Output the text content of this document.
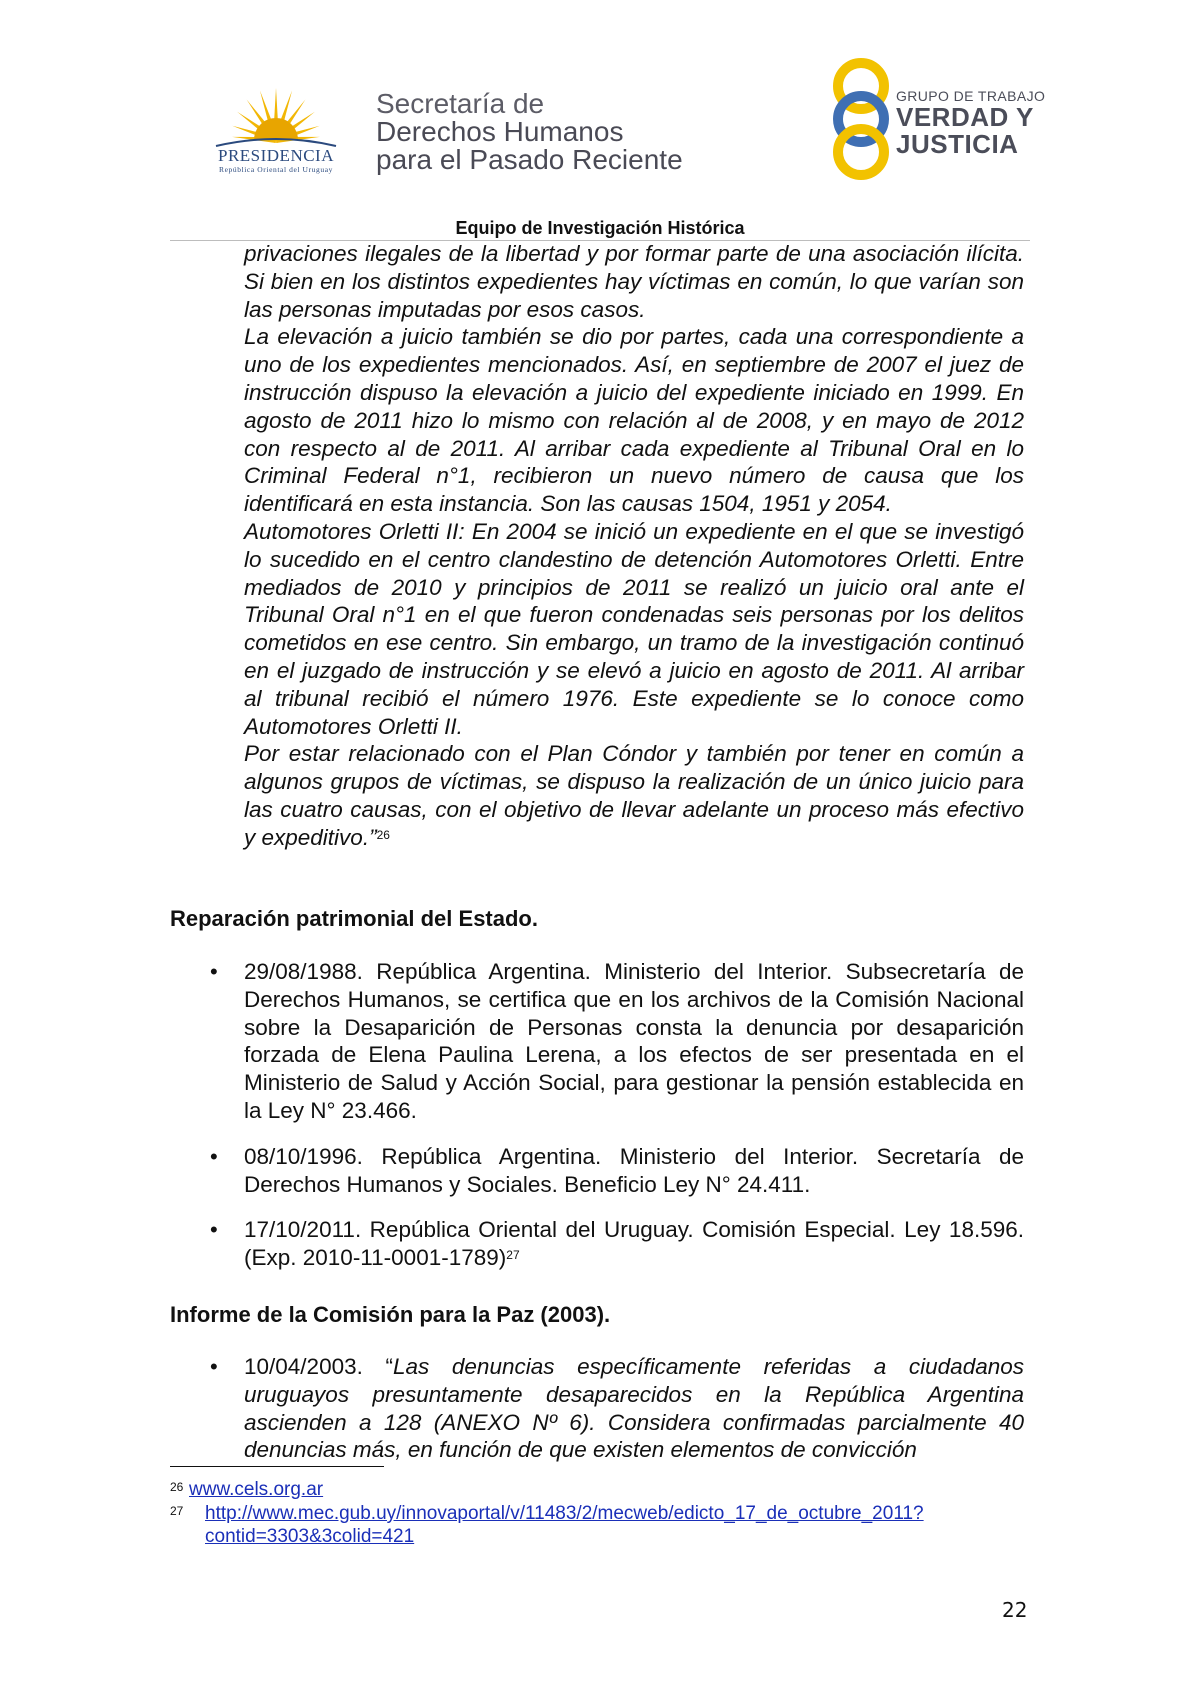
PRESIDENCIA
República Oriental del Uruguay
Secretaría de
Derechos Humanos
para el Pasado Reciente
GRUPO DE TRABAJO
VERDAD Y
JUSTICIA
Equipo de Investigación Histórica

privaciones ilegales de la libertad y por formar parte de una asociación ilícita. Si bien en los distintos expedientes hay víctimas en común, lo que varían son las personas imputadas por esos casos.

La elevación a juicio también se dio por partes, cada una correspondiente a uno de los expedientes mencionados. Así, en septiembre de 2007 el juez de instrucción dispuso la elevación a juicio del expediente iniciado en 1999. En agosto de 2011 hizo lo mismo con relación al de 2008, y en mayo de 2012 con respecto al de 2011. Al arribar cada expediente al Tribunal Oral en lo Criminal Federal n°1, recibieron un nuevo número de causa que los identificará en esta instancia. Son las causas 1504, 1951 y 2054.

Automotores Orletti II: En 2004 se inició un expediente en el que se investigó lo sucedido en el centro clandestino de detención Automotores Orletti. Entre mediados de 2010 y principios de 2011 se realizó un juicio oral ante el Tribunal Oral n°1 en el que fueron condenadas seis personas por los delitos cometidos en ese centro. Sin embargo, un tramo de la investigación continuó en el juzgado de instrucción y se elevó a juicio en agosto de 2011. Al arribar al tribunal recibió el número 1976. Este expediente se lo conoce como Automotores Orletti II.

Por estar relacionado con el Plan Cóndor y también por tener en común a algunos grupos de víctimas, se dispuso la realización de un único juicio para las cuatro causas, con el objetivo de llevar adelante un proceso más efectivo y expeditivo.”$^{26}$

Reparación patrimonial del Estado.
• 29/08/1988. República Argentina. Ministerio del Interior. Subsecretaría de Derechos Humanos, se certifica que en los archivos de la Comisión Nacional sobre la Desaparición de Personas consta la denuncia por desaparición forzada de Elena Paulina Lerena, a los efectos de ser presentada en el Ministerio de Salud y Acción Social, para gestionar la pensión establecida en la Ley N° 23.466.
• 08/10/1996. República Argentina. Ministerio del Interior. Secretaría de Derechos Humanos y Sociales. Beneficio Ley N° 24.411.
• 17/10/2011. República Oriental del Uruguay. Comisión Especial. Ley 18.596. (Exp. 2010-11-0001-1789)$^{27}$
Informe de la Comisión para la Paz (2003).
• 10/04/2003. “Las denuncias específicamente referidas a ciudadanos uruguayos presuntamente desaparecidos en la República Argentina ascienden a 128 (ANEXO Nº 6). Considera confirmadas parcialmente 40 denuncias más, en función de que existen elementos de convicción
26 www.cels.org.ar
27 http://www.mec.gub.uy/innovaportal/v/11483/2/mecweb/edicto_17_de_octubre_2011?
contid=3303&3colid=421
22
